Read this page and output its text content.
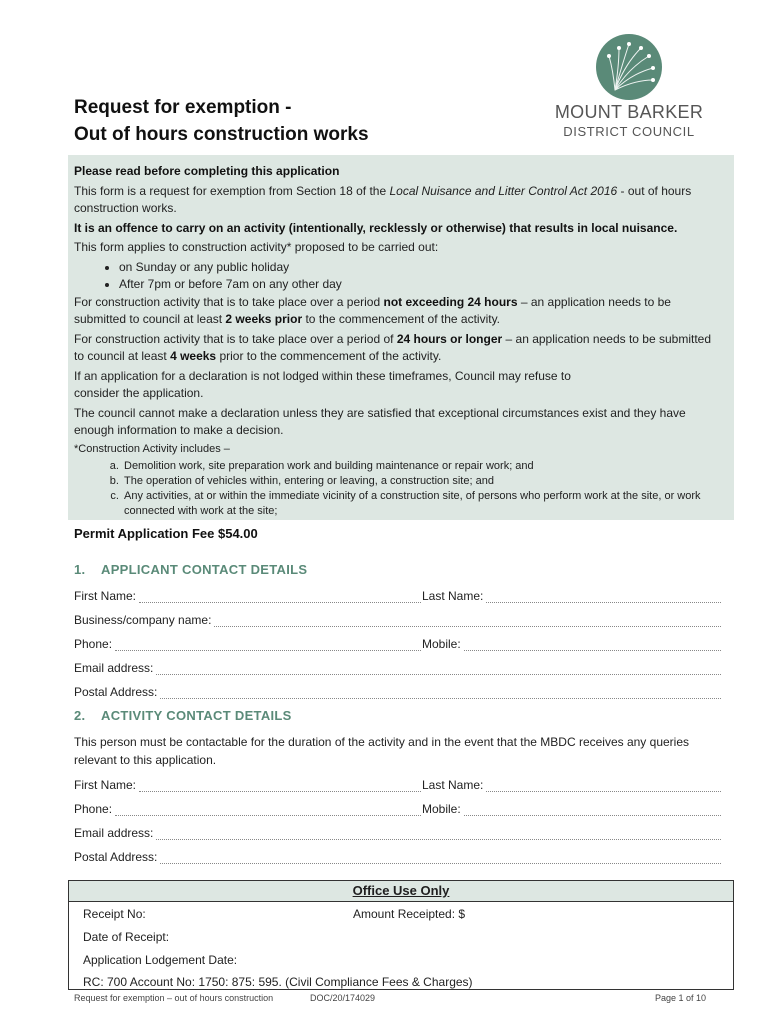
Request for exemption -
Out of hours construction works
MOUNT BARKER
DISTRICT COUNCIL

Please read before completing this application

This form is a request for exemption from Section 18 of the Local Nuisance and Litter Control Act 2016 - out of hours construction works.

It is an offence to carry on an activity (intentionally, recklessly or otherwise) that results in local nuisance.

This form applies to construction activity* proposed to be carried out:

• on Sunday or any public holiday
• After 7pm or before 7am on any other day

For construction activity that is to take place over a period not exceeding 24 hours – an application needs to be submitted to council at least 2 weeks prior to the commencement of the activity.

For construction activity that is to take place over a period of 24 hours or longer – an application needs to be submitted to council at least 4 weeks prior to the commencement of the activity.

If an application for a declaration is not lodged within these timeframes, Council may refuse to consider the application.

The council cannot make a declaration unless they are satisfied that exceptional circumstances exist and they have enough information to make a decision.

*Construction Activity includes –
a. Demolition work, site preparation work and building maintenance or repair work; and
b. The operation of vehicles within, entering or leaving, a construction site; and
c. Any activities, at or within the immediate vicinity of a construction site, of persons who perform work at the site, or work connected with work at the site;
Permit Application Fee $54.00
1. APPLICANT CONTACT DETAILS
First Name:	Last Name:
Business/company name:
Phone:	Mobile:
Email address:
Postal Address:
2. ACTIVITY CONTACT DETAILS
This person must be contactable for the duration of the activity and in the event that the MBDC receives any queries relevant to this application.
First Name:	Last Name:
Phone:	Mobile:
Email address:
Postal Address:
Office Use Only
Receipt No:	Amount Receipted: $
Date of Receipt:
Application Lodgement Date:
RC: 700 Account No: 1750: 875: 595. (Civil Compliance Fees & Charges)
Request for exemption – out of hours construction	DOC/20/174029	Page 1 of 10
